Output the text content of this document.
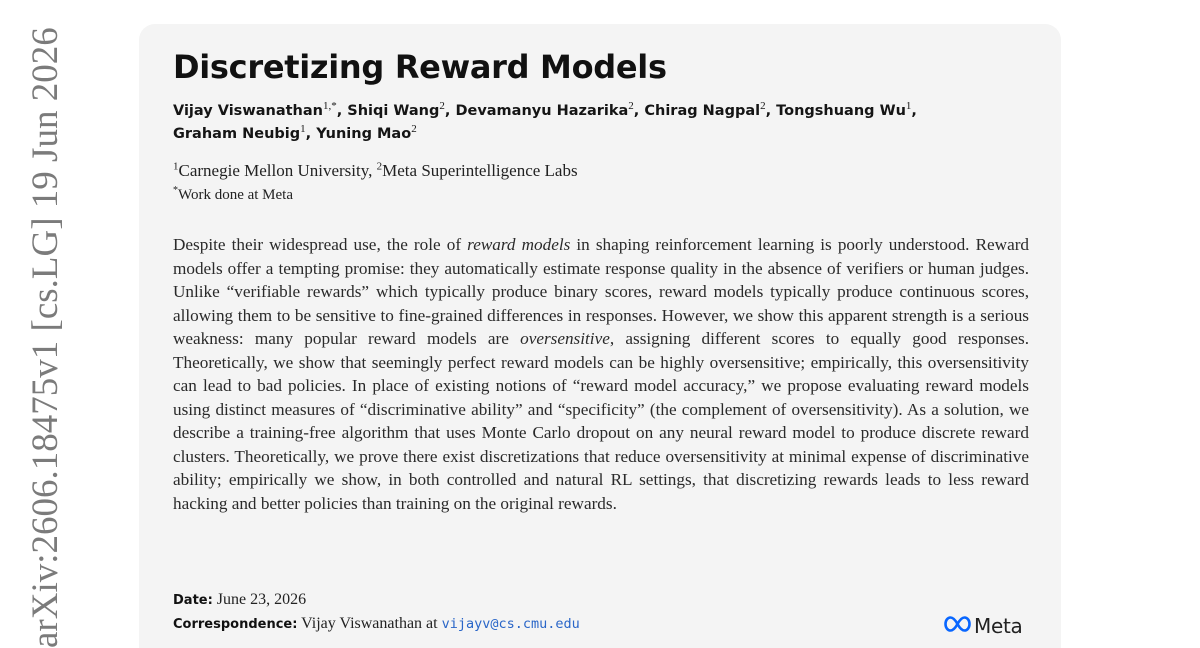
arXiv:2606.18475v1 [cs.LG] 19 Jun 2026	Discretizing Reward Models
Vijay Viswanathan$^{1,*}$, Shiqi Wang$^2$, Devamanyu Hazarika$^2$, Chirag Nagpal$^2$, Tongshuang Wu$^1$, Graham Neubig$^1$, Yuning Mao$^2$
$^1$Carnegie Mellon University, $^2$Meta Superintelligence Labs
*Work done at Meta

Despite their widespread use, the role of reward models in shaping reinforcement learning is poorly understood. Reward models offer a tempting promise: they automatically estimate response quality in the absence of verifiers or human judges. Unlike “verifiable rewards” which typically produce binary scores, reward models typically produce continuous scores, allowing them to be sensitive to fine-grained differences in responses. However, we show this apparent strength is a serious weakness: many popular reward models are oversensitive, assigning different scores to equally good responses. Theoretically, we show that seemingly perfect reward models can be highly oversensitive; empirically, this oversensitivity can lead to bad policies. In place of existing notions of “reward model accuracy,” we propose evaluating reward models using distinct measures of “discriminative ability” and “specificity” (the complement of oversensitivity). As a solution, we describe a training-free algorithm that uses Monte Carlo dropout on any neural reward model to produce discrete reward clusters. Theoretically, we prove there exist discretizations that reduce oversensitivity at minimal expense of discriminative ability; empirically we show, in both controlled and natural RL settings, that discretizing rewards leads to less reward hacking and better policies than training on the original rewards.

Date: June 23, 2026
Correspondence: Vijay Viswanathan at vijayv@cs.cmu.edu	Meta
